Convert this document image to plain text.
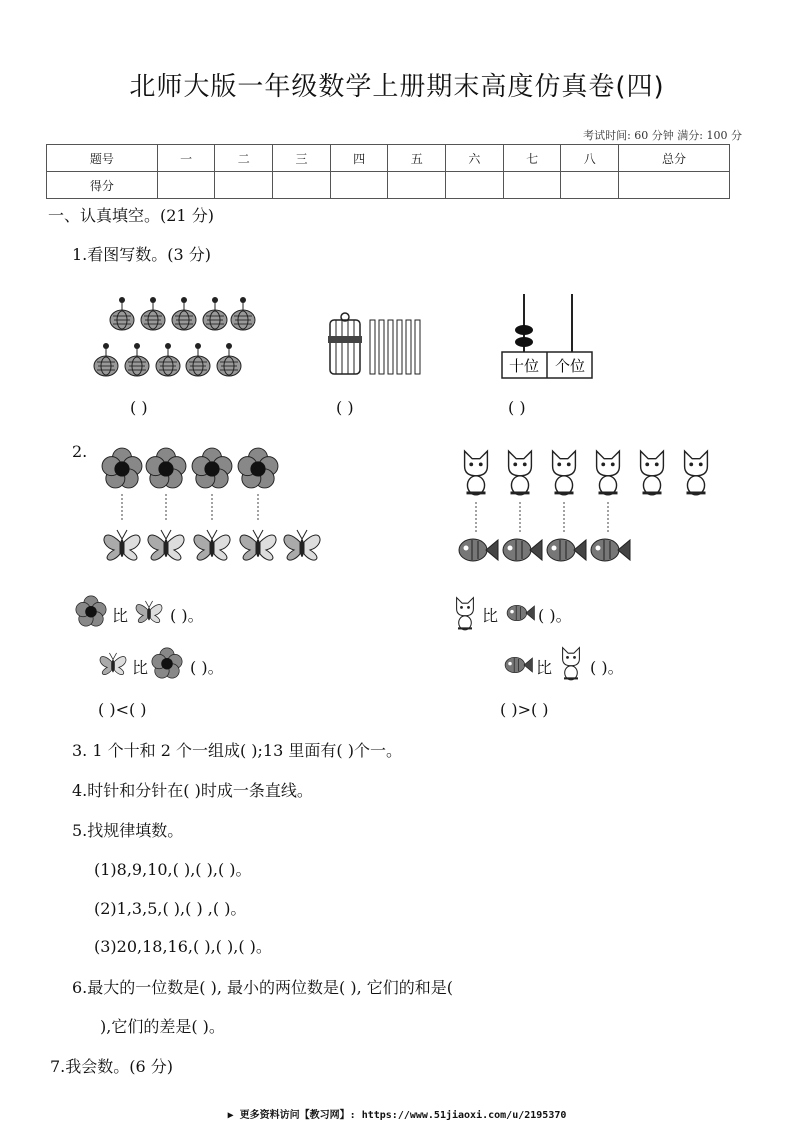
北师大版一年级数学上册期末高度仿真卷(四)
考试时间: 60 分钟 满分: 100 分
题号	一	二	三	四	五	六	七	八	总分
得分									
一、认真填空。(21 分)
1.看图写数。(3 分)
十位 个位
( )	( )	( )
2.
比	( )。
比	( )。
比 ( )。
比 ( )。
( )<( )	( )>( )
3. 1 个十和 2 个一组成( );13 里面有( )个一。
4.时针和分针在( )时成一条直线。
5.找规律填数。
(1)8,9,10,( ),( ),( )。
(2)1,3,5,( ),( ) ,( )。
(3)20,18,16,( ),( ),( )。
6.最大的一位数是( ), 最小的两位数是( ), 它们的和是(
),它们的差是( )。
7.我会数。(6 分)
▶ 更多资料访问【教习网】: https://www.51jiaoxi.com/u/2195370
